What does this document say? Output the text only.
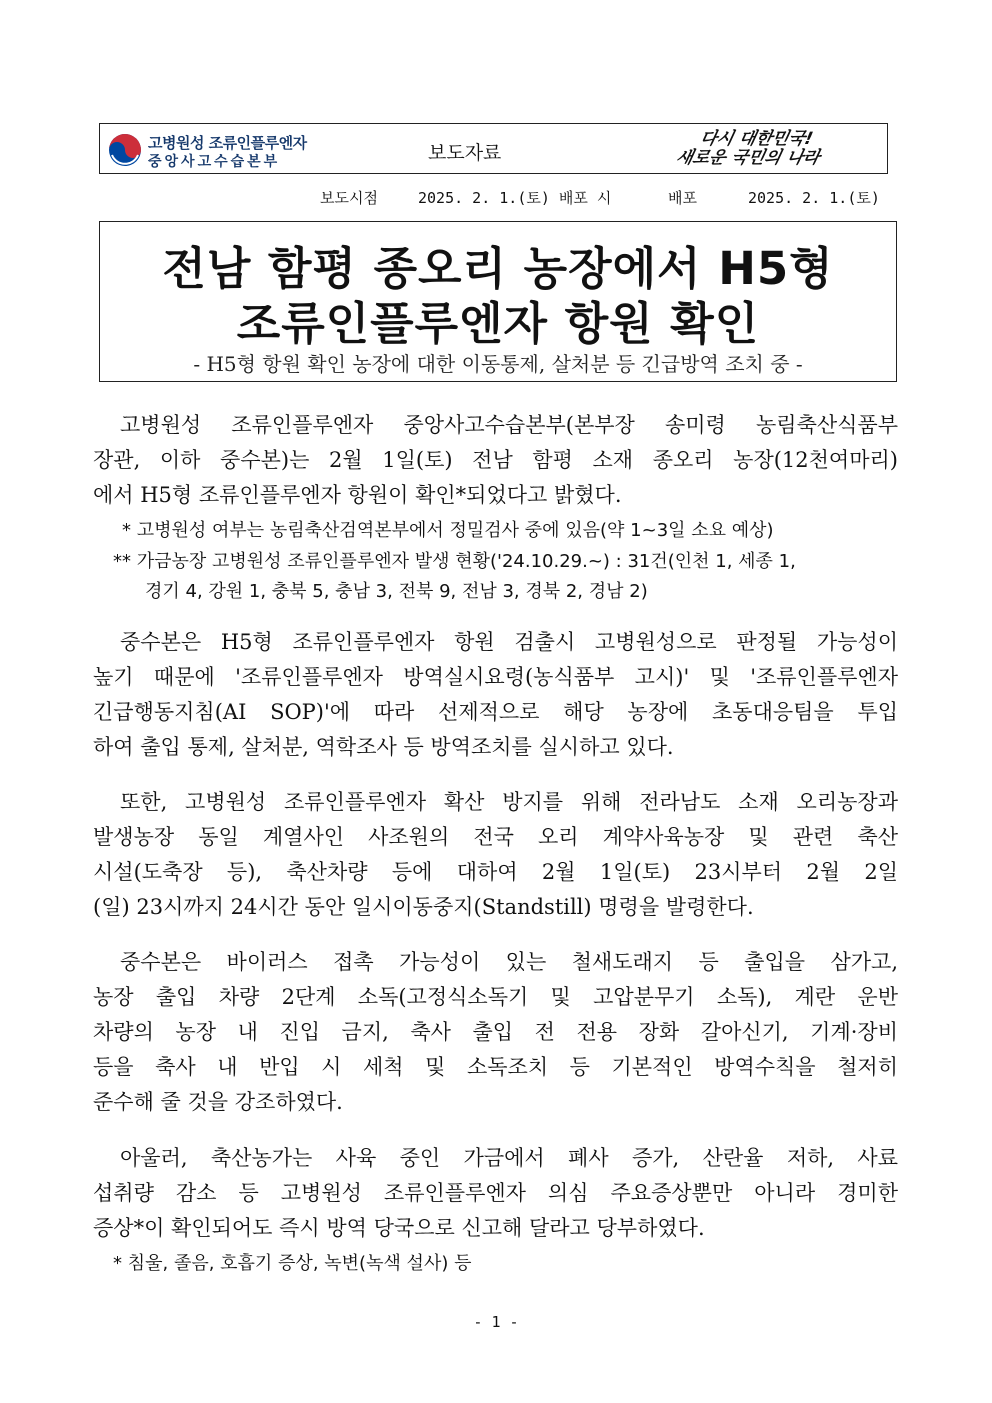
고병원성 조류인플루엔자
중앙사고수습본부	보도자료
다시 대한민국!
새로운 국민의 나라
보도시점	2025. 2. 1.(토) 배포 시	배포	2025. 2. 1.(토)
전남 함평 종오리 농장에서 H5형
조류인플루엔자 항원 확인
- H5형 항원 확인 농장에 대한 이동통제, 살처분 등 긴급방역 조치 중 -
고병원성 조류인플루엔자 중앙사고수습본부(본부장 송미령 농림축산식품부
장관, 이하 중수본)는 2월 1일(토) 전남 함평 소재 종오리 농장(12천여마리)
에서 H5형 조류인플루엔자 항원이 확인*되었다고 밝혔다.
* 고병원성 여부는 농림축산검역본부에서 정밀검사 중에 있음(약 1~3일 소요 예상)
** 가금농장 고병원성 조류인플루엔자 발생 현황('24.10.29.~) : 31건(인천 1, 세종 1,
경기 4, 강원 1, 충북 5, 충남 3, 전북 9, 전남 3, 경북 2, 경남 2)
중수본은 H5형 조류인플루엔자 항원 검출시 고병원성으로 판정될 가능성이
높기 때문에 '조류인플루엔자 방역실시요령(농식품부 고시)' 및 '조류인플루엔자
긴급행동지침(AI SOP)'에 따라 선제적으로 해당 농장에 초동대응팀을 투입
하여 출입 통제, 살처분, 역학조사 등 방역조치를 실시하고 있다.
또한, 고병원성 조류인플루엔자 확산 방지를 위해 전라남도 소재 오리농장과
발생농장 동일 계열사인 사조원의 전국 오리 계약사육농장 및 관련 축산
시설(도축장 등), 축산차량 등에 대하여 2월 1일(토) 23시부터 2월 2일
(일) 23시까지 24시간 동안 일시이동중지(Standstill) 명령을 발령한다.
중수본은 바이러스 접촉 가능성이 있는 철새도래지 등 출입을 삼가고,
농장 출입 차량 2단계 소독(고정식소독기 및 고압분무기 소독), 계란 운반
차량의 농장 내 진입 금지, 축사 출입 전 전용 장화 갈아신기, 기계·장비
등을 축사 내 반입 시 세척 및 소독조치 등 기본적인 방역수칙을 철저히
준수해 줄 것을 강조하였다.
아울러, 축산농가는 사육 중인 가금에서 폐사 증가, 산란율 저하, 사료
섭취량 감소 등 고병원성 조류인플루엔자 의심 주요증상뿐만 아니라 경미한
증상*이 확인되어도 즉시 방역 당국으로 신고해 달라고 당부하였다.
* 침울, 졸음, 호흡기 증상, 녹변(녹색 설사) 등
- 1 -
